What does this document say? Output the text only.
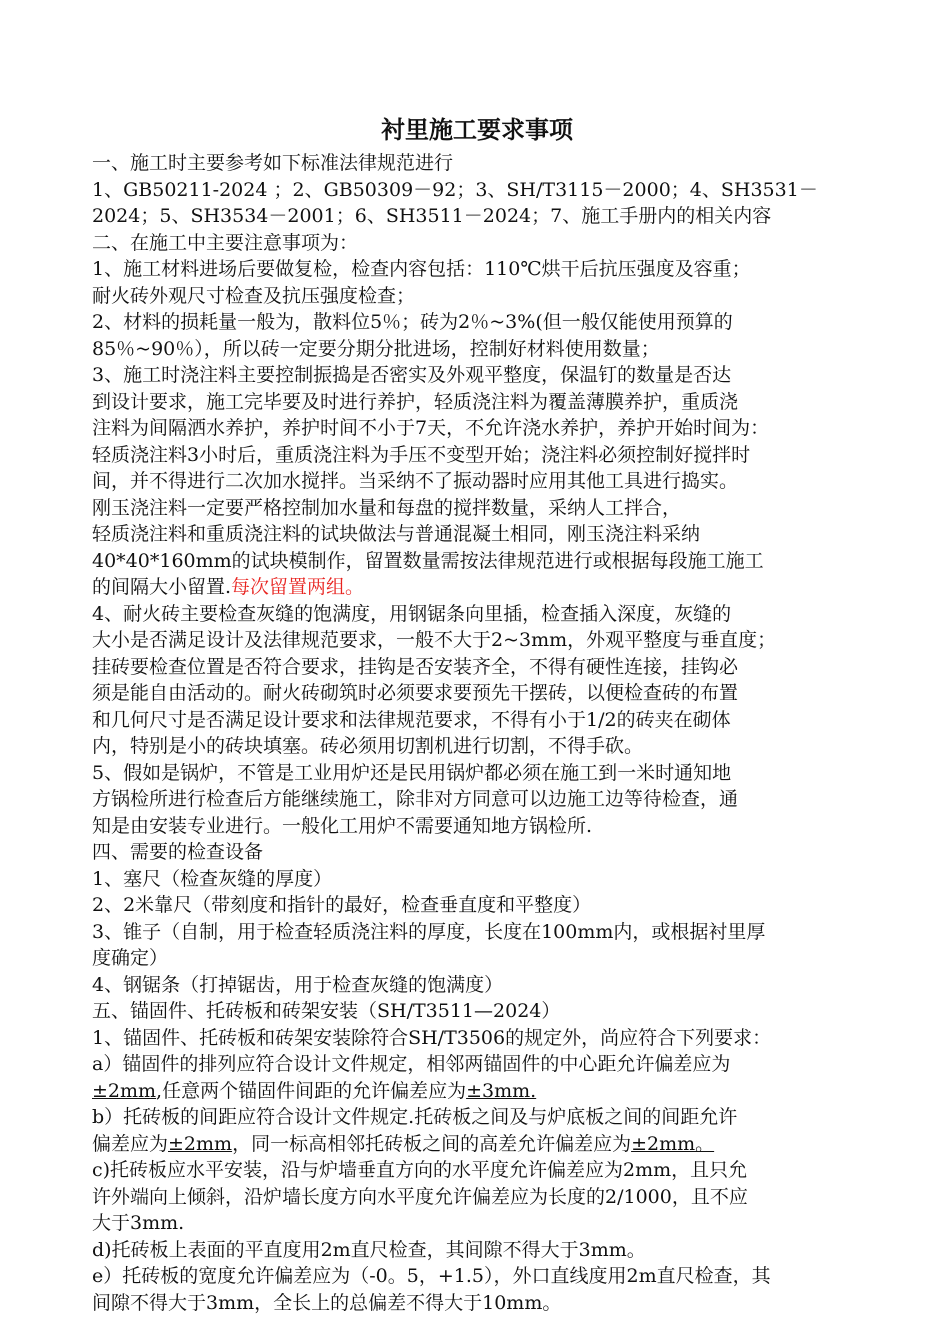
衬里施工要求事项

一、施工时主要参考如下标准法律规范进行

1、GB50211-2024 ；2、GB50309－92；3、SH/T3115－2000；4、SH3531－

2024；5、SH3534－2001；6、SH3511－2024；7、施工手册内的相关内容

二、在施工中主要注意事项为：

1、施工材料进场后要做复检，检查内容包括：110℃烘干后抗压强度及容重；

耐火砖外观尺寸检查及抗压强度检查；

2、材料的损耗量一般为，散料位5％；砖为2％~3%(但一般仅能使用预算的

85％~90％），所以砖一定要分期分批进场，控制好材料使用数量；

3、施工时浇注料主要控制振捣是否密实及外观平整度，保温钉的数量是否达

到设计要求，施工完毕要及时进行养护，轻质浇注料为覆盖薄膜养护，重质浇

注料为间隔洒水养护，养护时间不小于7天，不允许浇水养护，养护开始时间为：

轻质浇注料3小时后，重质浇注料为手压不变型开始；浇注料必须控制好搅拌时

间，并不得进行二次加水搅拌。当采纳不了振动器时应用其他工具进行捣实。

刚玉浇注料一定要严格控制加水量和每盘的搅拌数量，采纳人工拌合，

轻质浇注料和重质浇注料的试块做法与普通混凝土相同，刚玉浇注料采纳

40*40*160mm的试块模制作，留置数量需按法律规范进行或根据每段施工施工

的间隔大小留置.每次留置两组。

4、耐火砖主要检查灰缝的饱满度，用钢锯条向里插，检查插入深度，灰缝的

大小是否满足设计及法律规范要求，一般不大于2~3mm，外观平整度与垂直度；

挂砖要检查位置是否符合要求，挂钩是否安装齐全，不得有硬性连接，挂钩必

须是能自由活动的。耐火砖砌筑时必须要求要预先干摆砖，以便检查砖的布置

和几何尺寸是否满足设计要求和法律规范要求，不得有小于1/2的砖夹在砌体

内，特别是小的砖块填塞。砖必须用切割机进行切割，不得手砍。

5、假如是锅炉，不管是工业用炉还是民用锅炉都必须在施工到一米时通知地

方锅检所进行检查后方能继续施工，除非对方同意可以边施工边等待检查，通

知是由安装专业进行。一般化工用炉不需要通知地方锅检所.

四、需要的检查设备

1、塞尺（检查灰缝的厚度）

2、2米靠尺（带刻度和指针的最好，检查垂直度和平整度）

3、锥子（自制，用于检查轻质浇注料的厚度，长度在100mm内，或根据衬里厚

度确定）

4、钢锯条（打掉锯齿，用于检查灰缝的饱满度）

五、锚固件、托砖板和砖架安装（SH/T3511—2024）

1、锚固件、托砖板和砖架安装除符合SH/T3506的规定外，尚应符合下列要求：

a）锚固件的排列应符合设计文件规定，相邻两锚固件的中心距允许偏差应为

±2mm,任意两个锚固件间距的允许偏差应为±3mm.

b）托砖板的间距应符合设计文件规定.托砖板之间及与炉底板之间的间距允许

偏差应为±2mm，同一标高相邻托砖板之间的高差允许偏差应为±2mm。

c)托砖板应水平安装，沿与炉墙垂直方向的水平度允许偏差应为2mm，且只允

许外端向上倾斜，沿炉墙长度方向水平度允许偏差应为长度的2/1000，且不应

大于3mm.

d)托砖板上表面的平直度用2m直尺检查，其间隙不得大于3mm。

e）托砖板的宽度允许偏差应为（-0。5，+1.5），外口直线度用2m直尺检查，其

间隙不得大于3mm，全长上的总偏差不得大于10mm。
